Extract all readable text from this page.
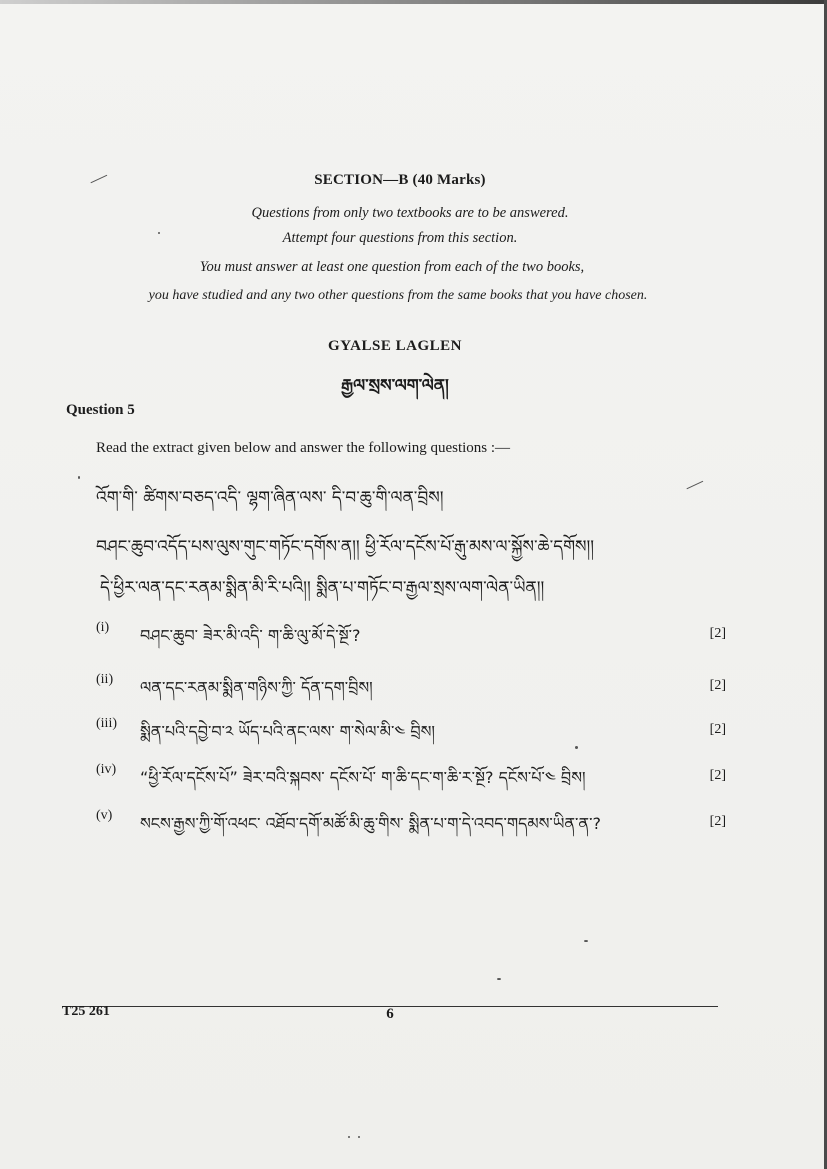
SECTION—B (40 Marks)
Questions from only two textbooks are to be answered.
Attempt four questions from this section.
You must answer at least one question from each of the two books,
you have studied and any two other questions from the same books that you have chosen.
GYALSE LAGLEN
རྒྱལ་སྲས་ལག་ལེན།
Question 5
Read the extract given below and answer the following questions :—
འོག་གི་ ཚིགས་བཅད་འདི་ ལྷག་ཞིན་ལས་ དི་བ་ཆུ་གི་ལན་བྲིས།
བཤང་ཆུབ་འདོད་པས་ལུས་གུང་གཏོང་དགོས་ན།། ཕྱི་རོལ་དངོས་པོ་རྒུ་མས་ལ་སྐྱོས་ཆེ་དགོས།།
དེ་ཕྱིར་ལན་དང་རནམ་སྨིན་མི་རི་པའི།། སྨིན་པ་གཏོང་བ་རྒྱལ་སྲས་ལག་ལེན་ཡིན།།
(i) བཤང་ཆུབ་ ཟེར་མི་འདི་ ག་ཆི་ལུ་མོ་དེ་སྔོ་?	[2]
(ii) ལན་དང་རནམ་སྨིན་གཉིས་ཀྱི་ དོན་དག་བྲིས།	[2]
(iii) སྨིན་པའི་དབྱེ་བ་༢ ཡོད་པའི་ནང་ལས་ ག་སེལ་མི་༤ བྲིས།	[2]
(iv) “ཕྱི་རོལ་དངོས་པོ” ཟེར་བའི་སྐབས་ དངོས་པོ་ ག་ཆི་དང་ག་ཆི་ར་སྔོ? དངོས་པོ་༤ བྲིས།	[2]
(v) སངས་རྒྱས་ཀྱི་གོ་འཕང་ འཐོབ་དགོ་མཚོ་མི་ཆུ་གིས་ སྨིན་པ་ག་དེ་འབད་གདམས་ཡིན་ན་?	[2]
T25 261	6
